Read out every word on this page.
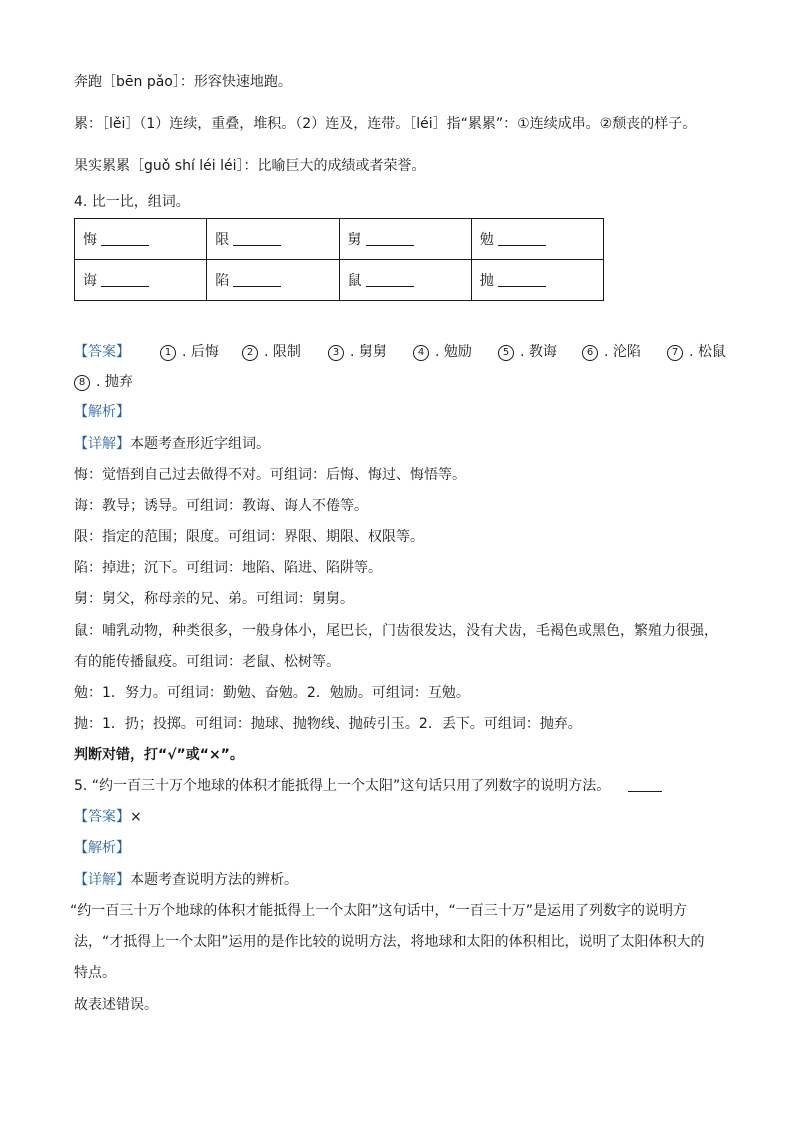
奔跑［bēn pǎo］：形容快速地跑。
累：［lěi］（1）连续，重叠，堆积。（2）连及，连带。［léi］指“累累”：①连续成串。②颓丧的样子。
果实累累［guǒ shí léi léi］：比喻巨大的成绩或者荣誉。
4. 比一比，组词。
悔	限	舅	勉
诲	陷	鼠	抛
【答案】	1 . 后悔	2 . 限制	3 . 舅舅	4 . 勉励	5 . 教诲	6 . 沦陷	7 . 松鼠
8 . 抛弃
【解析】
【详解】本题考查形近字组词。
悔：觉悟到自己过去做得不对。可组词：后悔、悔过、悔悟等。
诲：教导；诱导。可组词：教诲、诲人不倦等。
限：指定的范围；限度。可组词：界限、期限、权限等。
陷：掉进；沉下。可组词：地陷、陷进、陷阱等。
舅：舅父，称母亲的兄、弟。可组词：舅舅。
鼠：哺乳动物，种类很多，一般身体小，尾巴长，门齿很发达，没有犬齿，毛褐色或黑色，繁殖力很强，
有的能传播鼠疫。可组词：老鼠、松树等。
勉：1．努力。可组词：勤勉、奋勉。2．勉励。可组词：互勉。
抛：1．扔；投掷。可组词：抛球、抛物线、抛砖引玉。2．丢下。可组词：抛弃。
判断对错，打“√”或“×”。
5. “约一百三十万个地球的体积才能抵得上一个太阳”这句话只用了列数字的说明方法。
【答案】×
【解析】
【详解】本题考查说明方法的辨析。
“约一百三十万个地球的体积才能抵得上一个太阳”这句话中，“一百三十万”是运用了列数字的说明方
法，“才抵得上一个太阳”运用的是作比较的说明方法，将地球和太阳的体积相比，说明了太阳体积大的
特点。
故表述错误。
